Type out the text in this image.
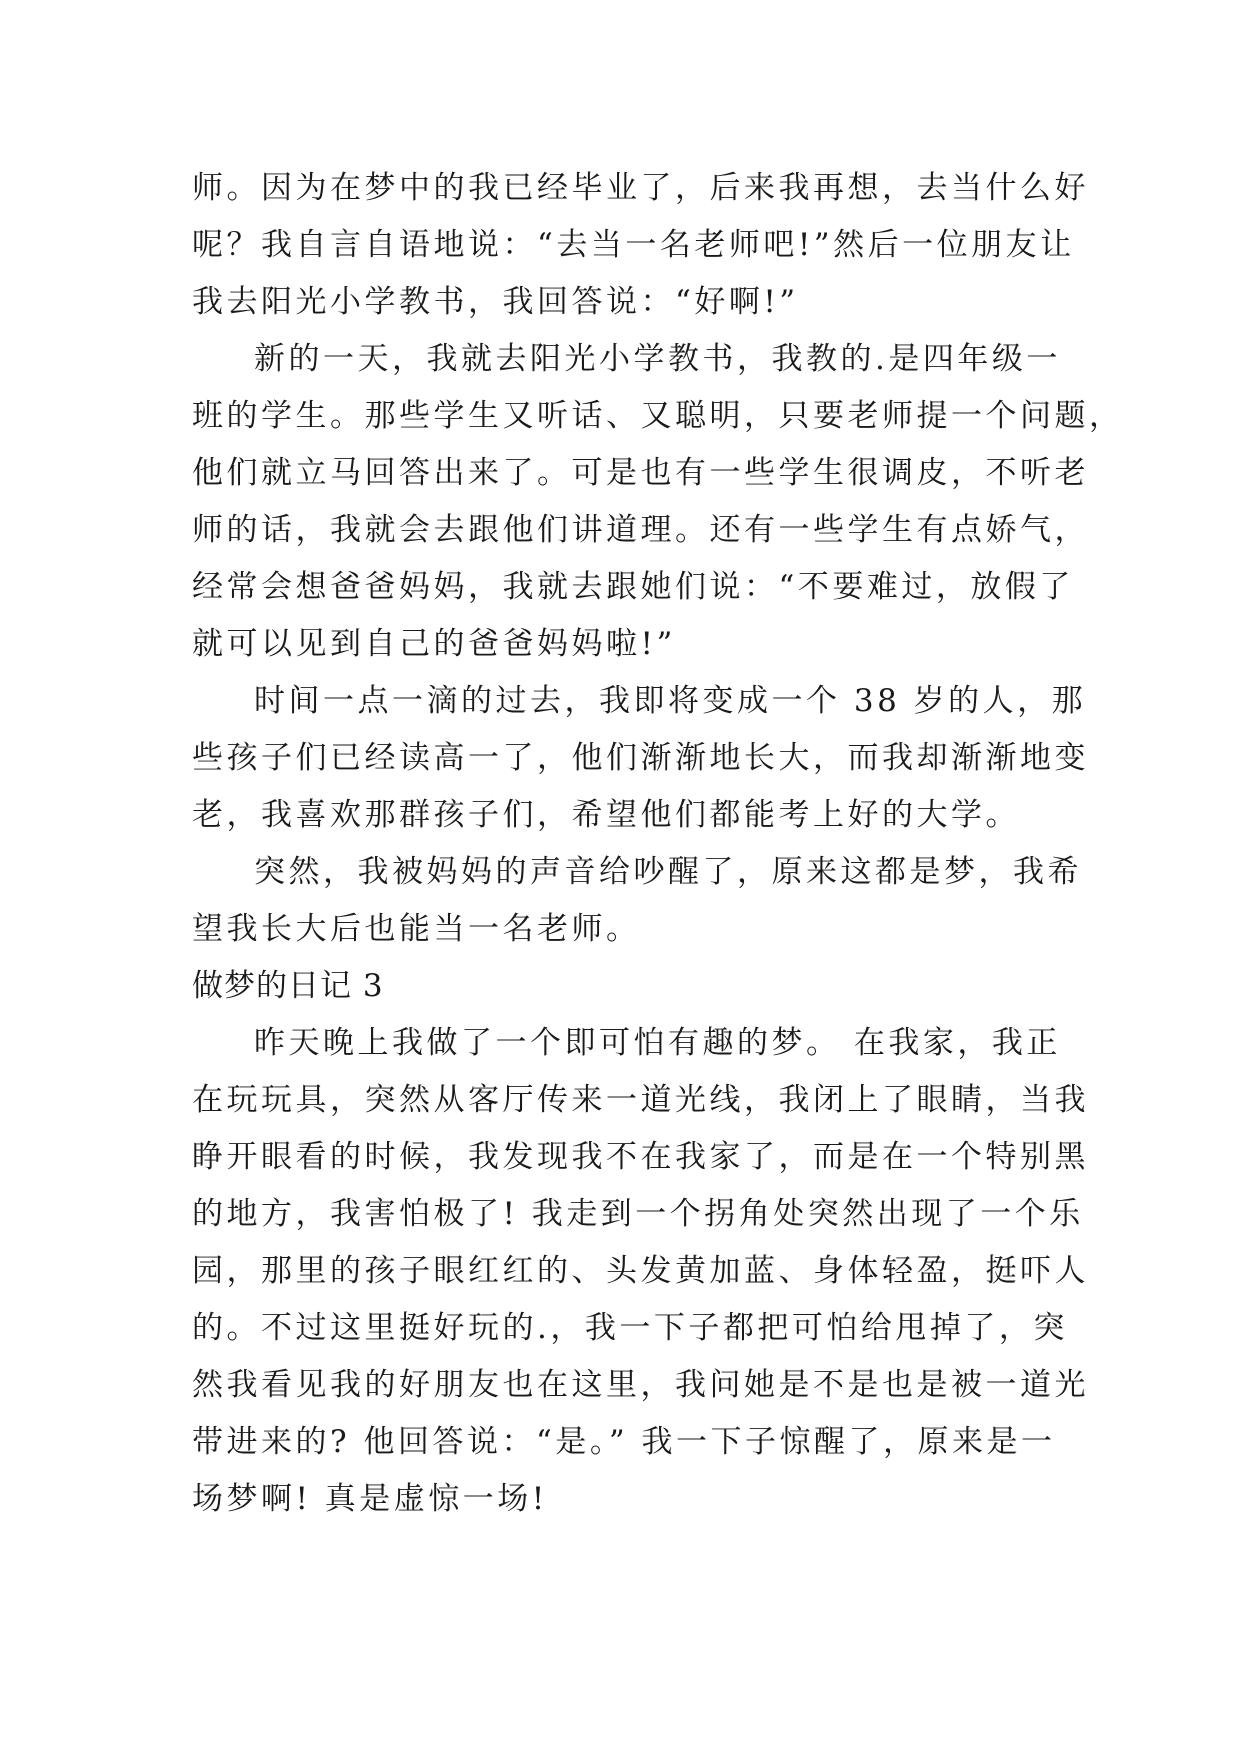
师。因为在梦中的我已经毕业了，后来我再想，去当什么好
呢？我自言自语地说：“去当一名老师吧!”然后一位朋友让
我去阳光小学教书，我回答说：“好啊!”
新的一天，我就去阳光小学教书，我教的.是四年级一
班的学生。那些学生又听话、又聪明，只要老师提一个问题，
他们就立马回答出来了。可是也有一些学生很调皮，不听老
师的话，我就会去跟他们讲道理。还有一些学生有点娇气，
经常会想爸爸妈妈，我就去跟她们说：“不要难过，放假了
就可以见到自己的爸爸妈妈啦!”
时间一点一滴的过去，我即将变成一个 38 岁的人，那
些孩子们已经读高一了，他们渐渐地长大，而我却渐渐地变
老，我喜欢那群孩子们，希望他们都能考上好的大学。
突然，我被妈妈的声音给吵醒了，原来这都是梦，我希
望我长大后也能当一名老师。
做梦的日记 3
昨天晚上我做了一个即可怕有趣的梦。 在我家，我正
在玩玩具，突然从客厅传来一道光线，我闭上了眼睛，当我
睁开眼看的时候，我发现我不在我家了，而是在一个特别黑
的地方，我害怕极了! 我走到一个拐角处突然出现了一个乐
园，那里的孩子眼红红的、头发黄加蓝、身体轻盈，挺吓人
的。不过这里挺好玩的.，我一下子都把可怕给甩掉了，突
然我看见我的好朋友也在这里，我问她是不是也是被一道光
带进来的? 他回答说：“是。” 我一下子惊醒了，原来是一
场梦啊! 真是虚惊一场!
